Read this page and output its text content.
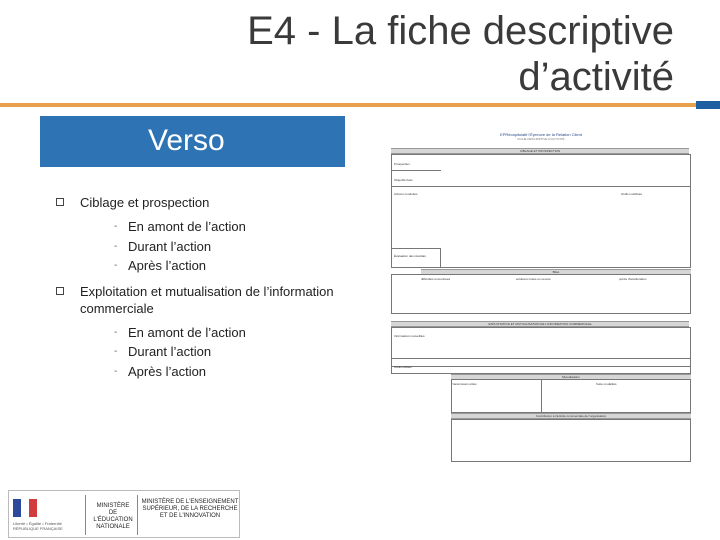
E4 - La fiche descriptive
d’activité
Verso
Ciblage et prospection
- En amont de l’action
- Durant l’action
- Après l’action
Exploitation et mutualisation de l’information commerciale
- En amont de l’action
- Durant l’action
- Après l’action
EPRécapitulatif l'Épreuve de la Relation Client
FICHE DESCRIPTIVE D'ACTIVITÉ
CIBLAGE ET PROSPECTION
Prospection
Objectifs fixés
Actions conduites	Outils mobilisés
Évaluation des résultats
Bilan
difficultés rencontrées	solutions mises en oeuvre	points d'amélioration
EXPLOITATION ET MUTUALISATION DE L'INFORMATION COMMERCIALE
Informations recueillies
Outils utilisés
Mutualisation
Transmission utiles	Suite modalités
Contribution à l'activité commerciale de l'organisation
Liberté • Égalité • Fraternité RÉPUBLIQUE FRANÇAISE
MINISTÈRE DE L'ÉDUCATION NATIONALE
MINISTÈRE DE L'ENSEIGNEMENT SUPÉRIEUR, DE LA RECHERCHE ET DE L'INNOVATION
